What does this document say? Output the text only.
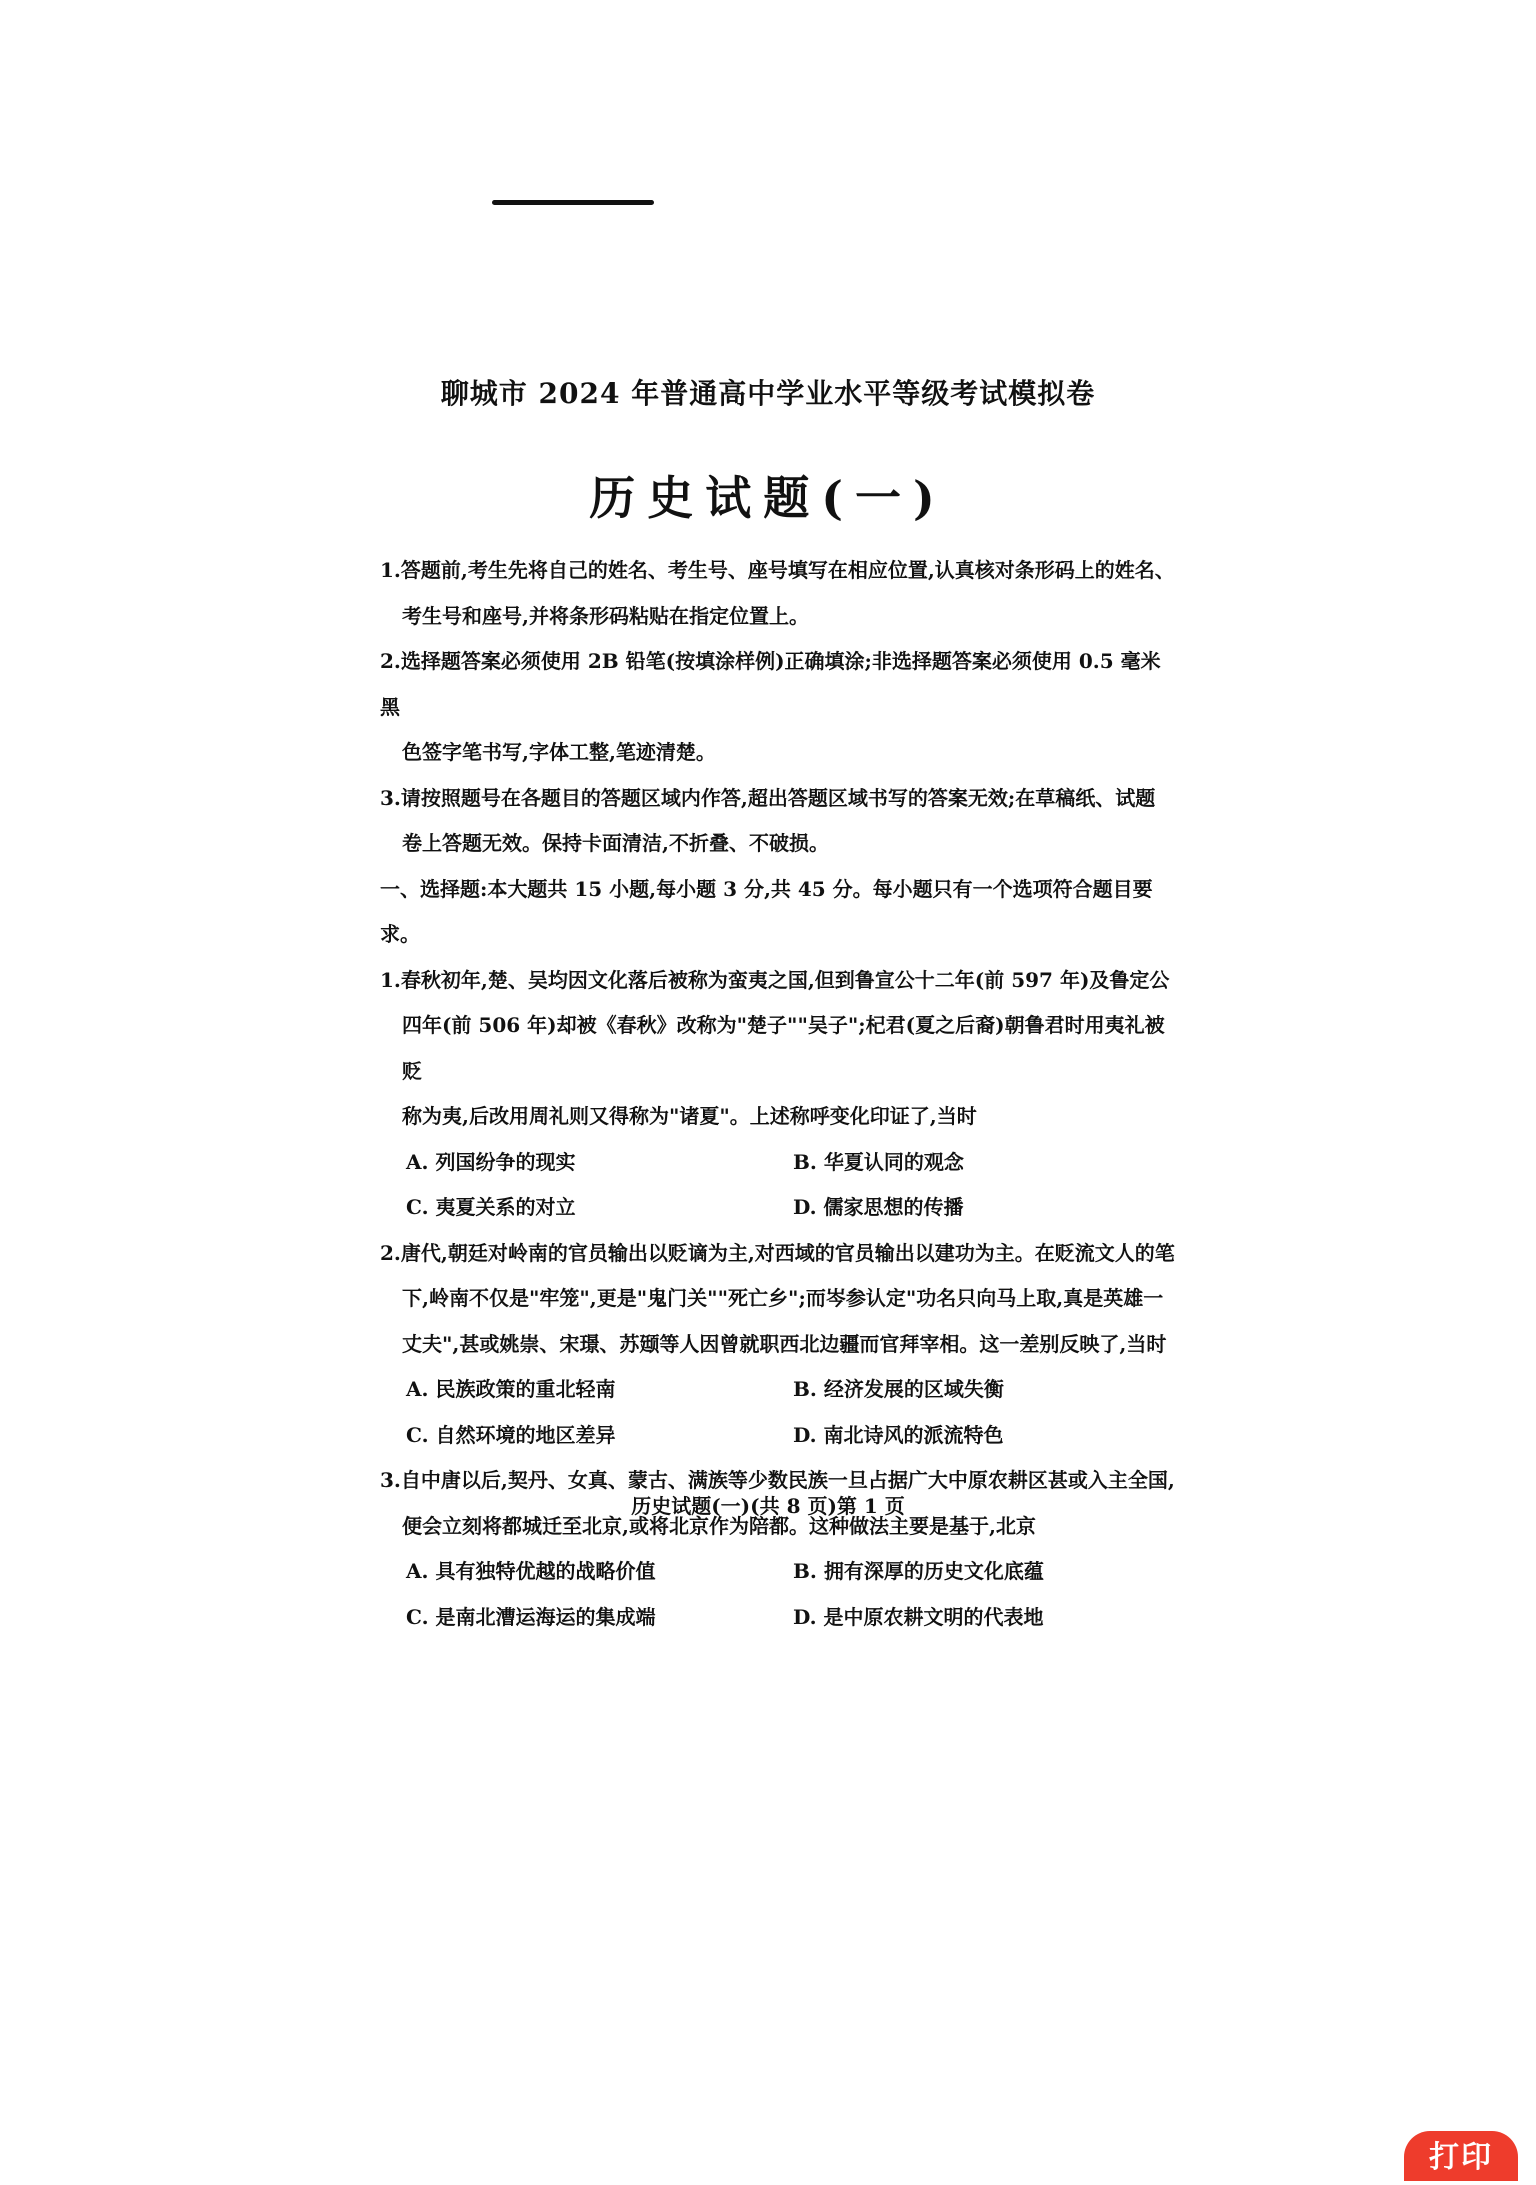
聊城市 2024 年普通高中学业水平等级考试模拟卷
历史试题(一)

1.答题前,考生先将自己的姓名、考生号、座号填写在相应位置,认真核对条形码上的姓名、

考生号和座号,并将条形码粘贴在指定位置上。

2.选择题答案必须使用 2B 铅笔(按填涂样例)正确填涂;非选择题答案必须使用 0.5 毫米黑

色签字笔书写,字体工整,笔迹清楚。

3.请按照题号在各题目的答题区域内作答,超出答题区域书写的答案无效;在草稿纸、试题

卷上答题无效。保持卡面清洁,不折叠、不破损。

一、选择题:本大题共 15 小题,每小题 3 分,共 45 分。每小题只有一个选项符合题目要求。

1.春秋初年,楚、吴均因文化落后被称为蛮夷之国,但到鲁宣公十二年(前 597 年)及鲁定公

四年(前 506 年)却被《春秋》改称为"楚子""吴子";杞君(夏之后裔)朝鲁君时用夷礼被贬

称为夷,后改用周礼则又得称为"诸夏"。上述称呼变化印证了,当时

A. 列国纷争的现实	B. 华夏认同的观念
C. 夷夏关系的对立	D. 儒家思想的传播

2.唐代,朝廷对岭南的官员输出以贬谪为主,对西域的官员输出以建功为主。在贬流文人的笔

下,岭南不仅是"牢笼",更是"鬼门关""死亡乡";而岑参认定"功名只向马上取,真是英雄一

丈夫",甚或姚崇、宋璟、苏颋等人因曾就职西北边疆而官拜宰相。这一差别反映了,当时

A. 民族政策的重北轻南	B. 经济发展的区域失衡
C. 自然环境的地区差异	D. 南北诗风的派流特色

3.自中唐以后,契丹、女真、蒙古、满族等少数民族一旦占据广大中原农耕区甚或入主全国,

便会立刻将都城迁至北京,或将北京作为陪都。这种做法主要是基于,北京

A. 具有独特优越的战略价值	B. 拥有深厚的历史文化底蕴
C. 是南北漕运海运的集成端	D. 是中原农耕文明的代表地
历史试题(一)(共 8 页)第 1 页
打印
